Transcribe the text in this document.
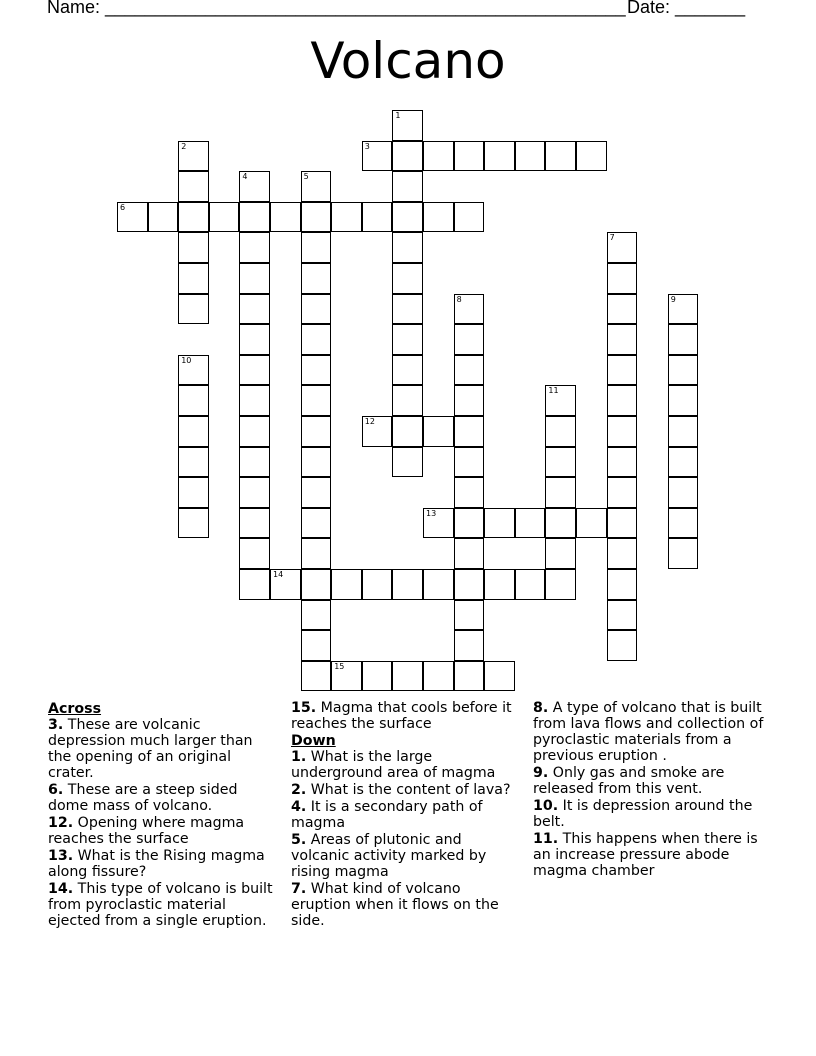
Name: ____________________________________________________ Date: _______
Volcano
1
2	3
4	5
6
7
8	9
10
11
12
13
14
15
Across
3. These are volcanic depression much larger than the opening of an original crater.
6. These are a steep sided dome mass of volcano.
12. Opening where magma reaches the surface
13. What is the Rising magma along fissure?
14. This type of volcano is built from pyroclastic material ejected from a single eruption.
15. Magma that cools before it reaches the surface
Down
1. What is the large underground area of magma
2. What is the content of lava?
4. It is a secondary path of magma
5. Areas of plutonic and volcanic activity marked by rising magma
7. What kind of volcano eruption when it flows on the side.
8. A type of volcano that is built from lava flows and collection of pyroclastic materials from a previous eruption .
9. Only gas and smoke are released from this vent.
10. It is depression around the belt.
11. This happens when there is an increase pressure abode magma chamber
